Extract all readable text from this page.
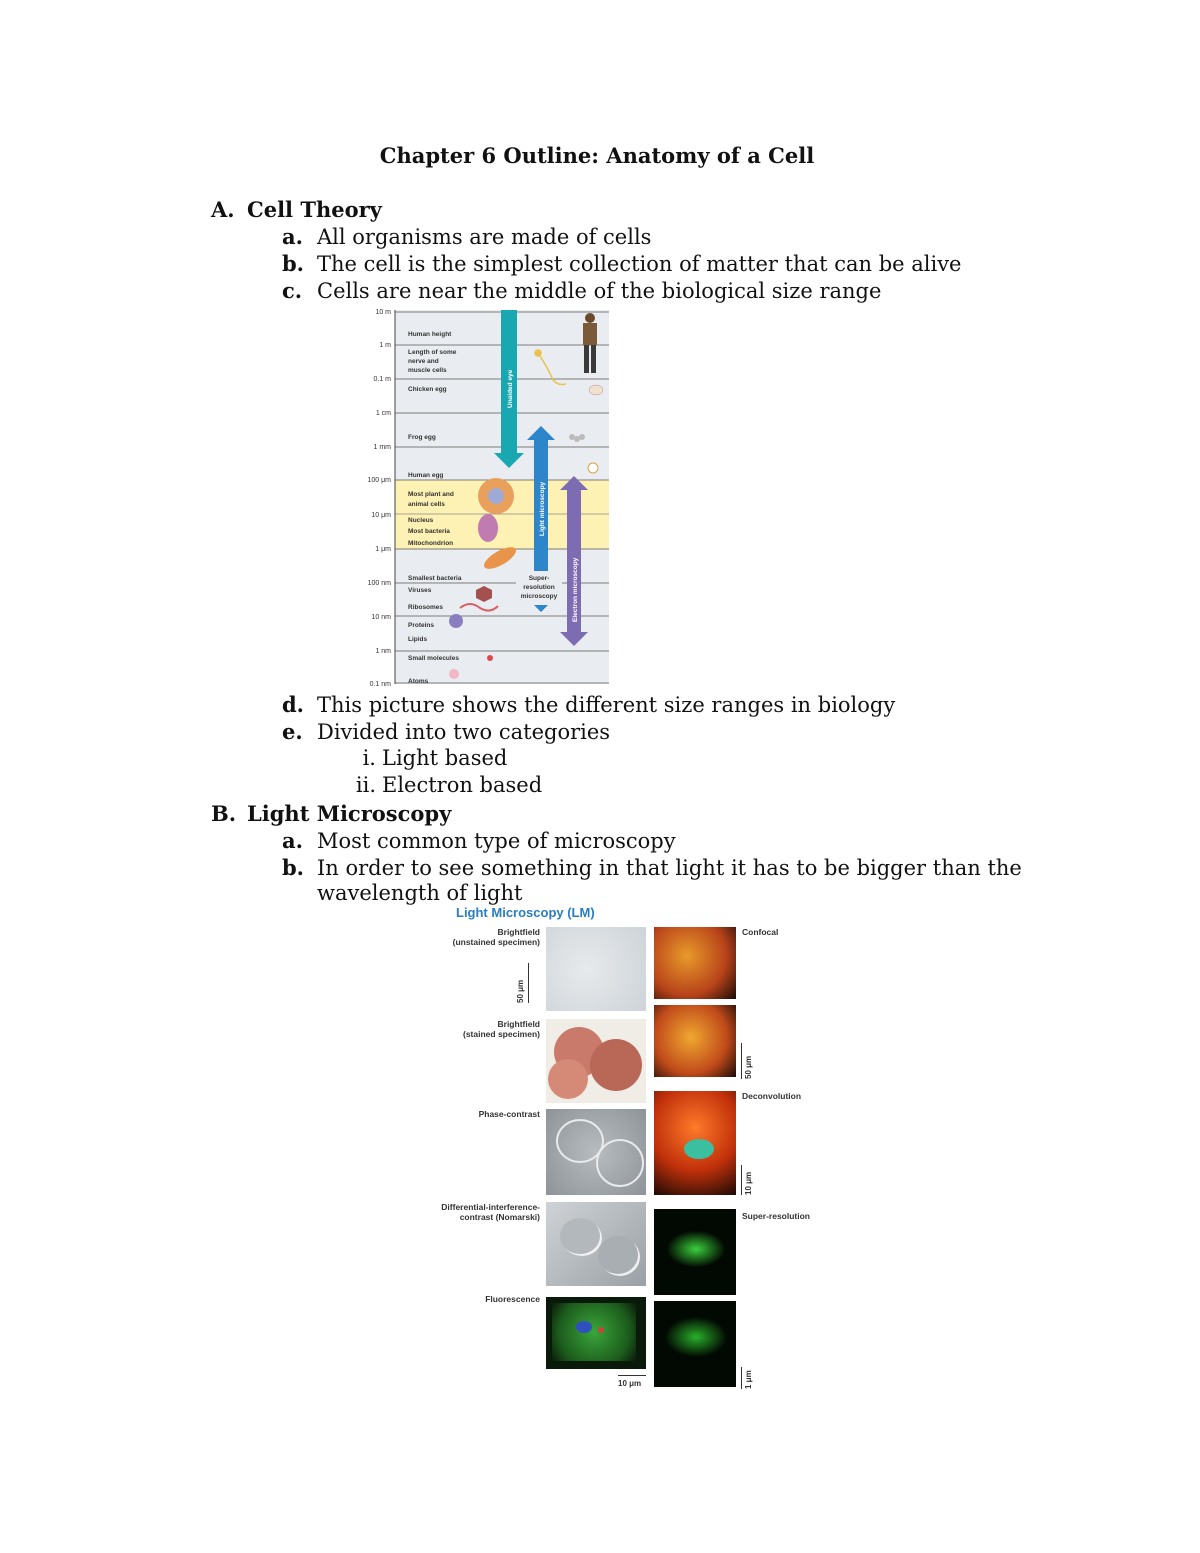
Chapter 6 Outline: Anatomy of a Cell
A. Cell Theory
a. All organisms are made of cells
b. The cell is the simplest collection of matter that can be alive
c. Cells are near the middle of the biological size range
10 m
1 m
0.1 m
1 cm
1 mm
100 μm
10 μm
1 μm
100 nm
10 nm
1 nm
0.1 nm
Human height
Length of some
nerve and
muscle cells
Chicken egg
Frog egg
Human egg
Most plant and
animal cells
Nucleus
Most bacteria
Mitochondrion
Smallest bacteria
Viruses
Ribosomes
Proteins
Lipids
Small molecules
Atoms
Unaided eye
Light microscopy
Electron microscopy
Super-
resolution
microscopy
d. This picture shows the different size ranges in biology
e. Divided into two categories
i. Light based
ii. Electron based
B. Light Microscopy
a. Most common type of microscopy
b. In order to see something in that light it has to be bigger than the
wavelength of light
Light Microscopy (LM)
Brightfield
(unstained specimen)
Brightfield
(stained specimen)
Phase-contrast
Differential-interference-
contrast (Nomarski)
Fluorescence
50 μm
10 μm
Confocal
Deconvolution
Super-resolution
50 μm
10 μm
1 μm
